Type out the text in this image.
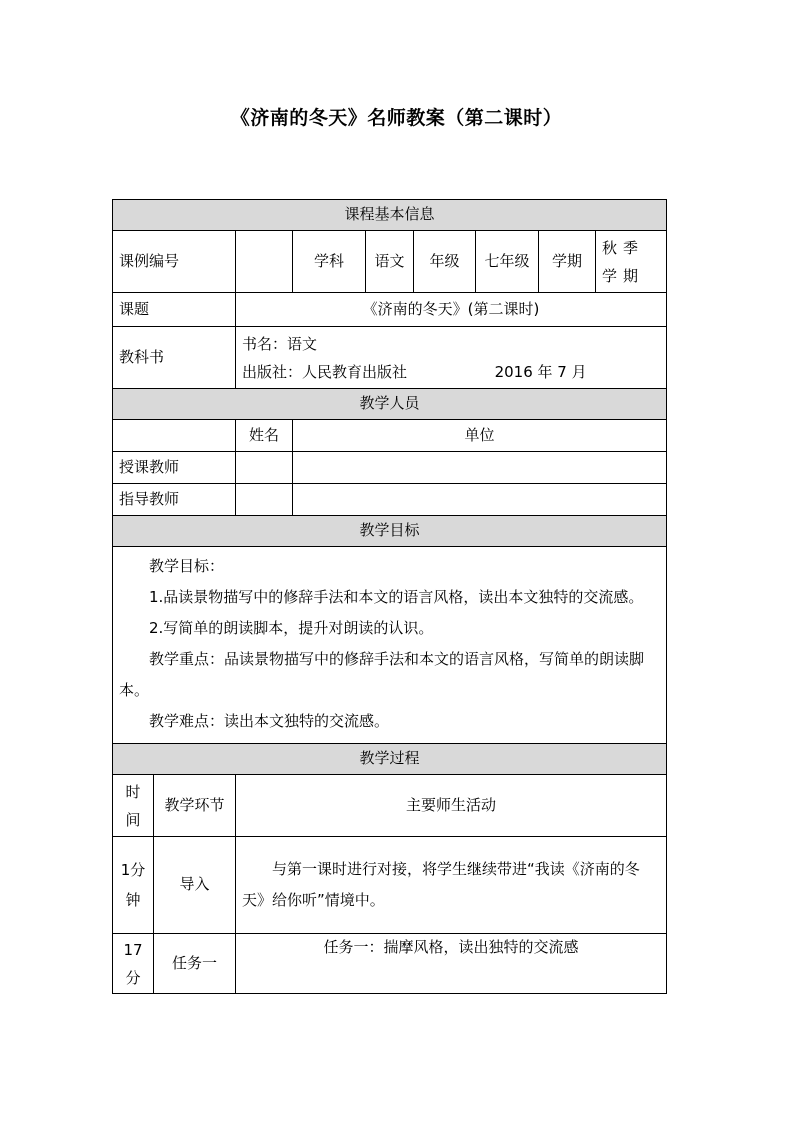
《济南的冬天》名师教案（第二课时）
课程基本信息								
课例编号			学科	语文	年级	七年级	学期	秋季学期
课题		《济南的冬天》(第二课时)						
教科书		书名：语文
出版社：人民教育出版社 2016 年 7 月						

教学人员								
		姓名	单位					
授课教师								
指导教师								
教学目标								

教学目标：

1.品读景物描写中的修辞手法和本文的语言风格，读出本文独特的交流感。

2.写简单的朗读脚本，提升对朗读的认识。

教学重点：品读景物描写中的修辞手法和本文的语言风格，写简单的朗读脚本。

教学难点：读出本文独特的交流感。								

教学过程								
时间	教学环节	主要师生活动						
1分钟	导入	与第一课时进行对接，将学生继续带进“我读《济南的冬天》给你听”情境中。						
17分	任务一	任务一：揣摩风格，读出独特的交流感						
